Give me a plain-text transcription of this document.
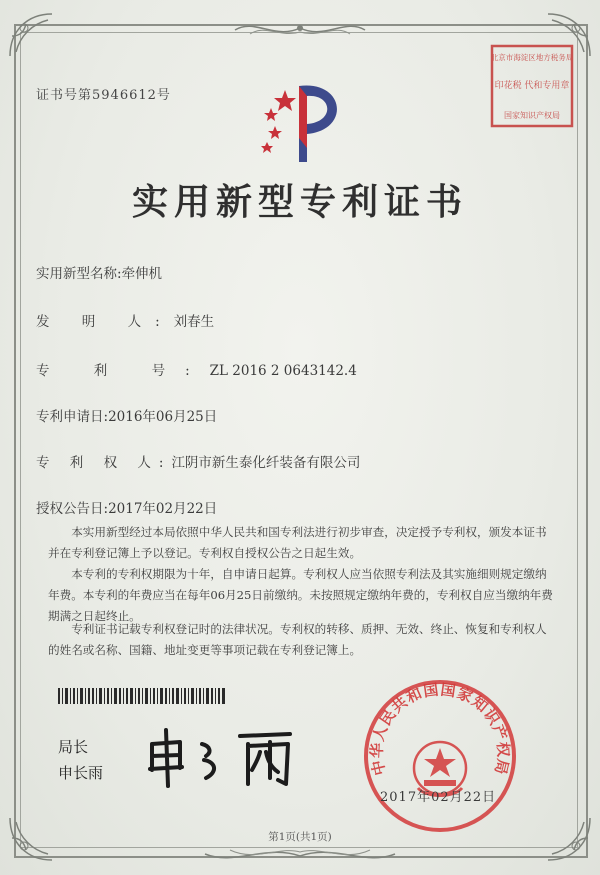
证书号第5946612号
北京市海淀区地方税务局
印花税 代和专用章
国家知识产权局
实用新型专利证书
实用新型名称:牵伸机
发 明 人:刘春生
专 利 号:ZL 2016 2 0643142.4
专利申请日:2016年06月25日
专 利 权 人:江阴市新生泰化纤装备有限公司
授权公告日:2017年02月22日
本实用新型经过本局依照中华人民共和国专利法进行初步审查，决定授予专利权，颁发本证书并在专利登记簿上予以登记。专利权自授权公告之日起生效。
本专利的专利权期限为十年，自申请日起算。专利权人应当依照专利法及其实施细则规定缴纳年费。本专利的年费应当在每年06月25日前缴纳。未按照规定缴纳年费的，专利权自应当缴纳年费期满之日起终止。
专利证书记载专利权登记时的法律状况。专利权的转移、质押、无效、终止、恢复和专利权人的姓名或名称、国籍、地址变更等事项记载在专利登记簿上。
局长
申长雨	中华人民共和国国家知识产权局
2017年02月22日
第1页(共1页)
